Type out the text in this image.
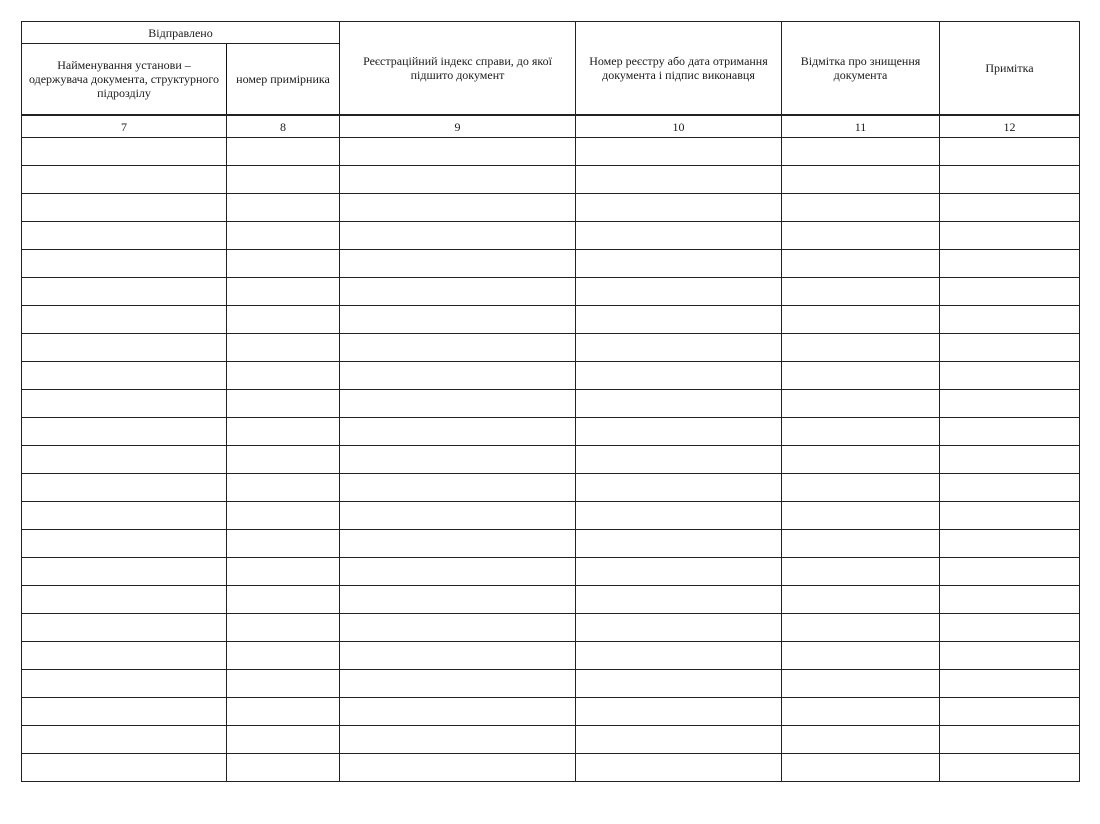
Відправлено		Реєстраційний індекс справи, до якої підшито документ	Номер реєстру або дата отримання документа і підпис виконавця	Відмітка про знищення документа	Примітка
Найменування установи – одержувача документа, структурного підрозділу	номер примірника				
7	8	9	10	11	12
